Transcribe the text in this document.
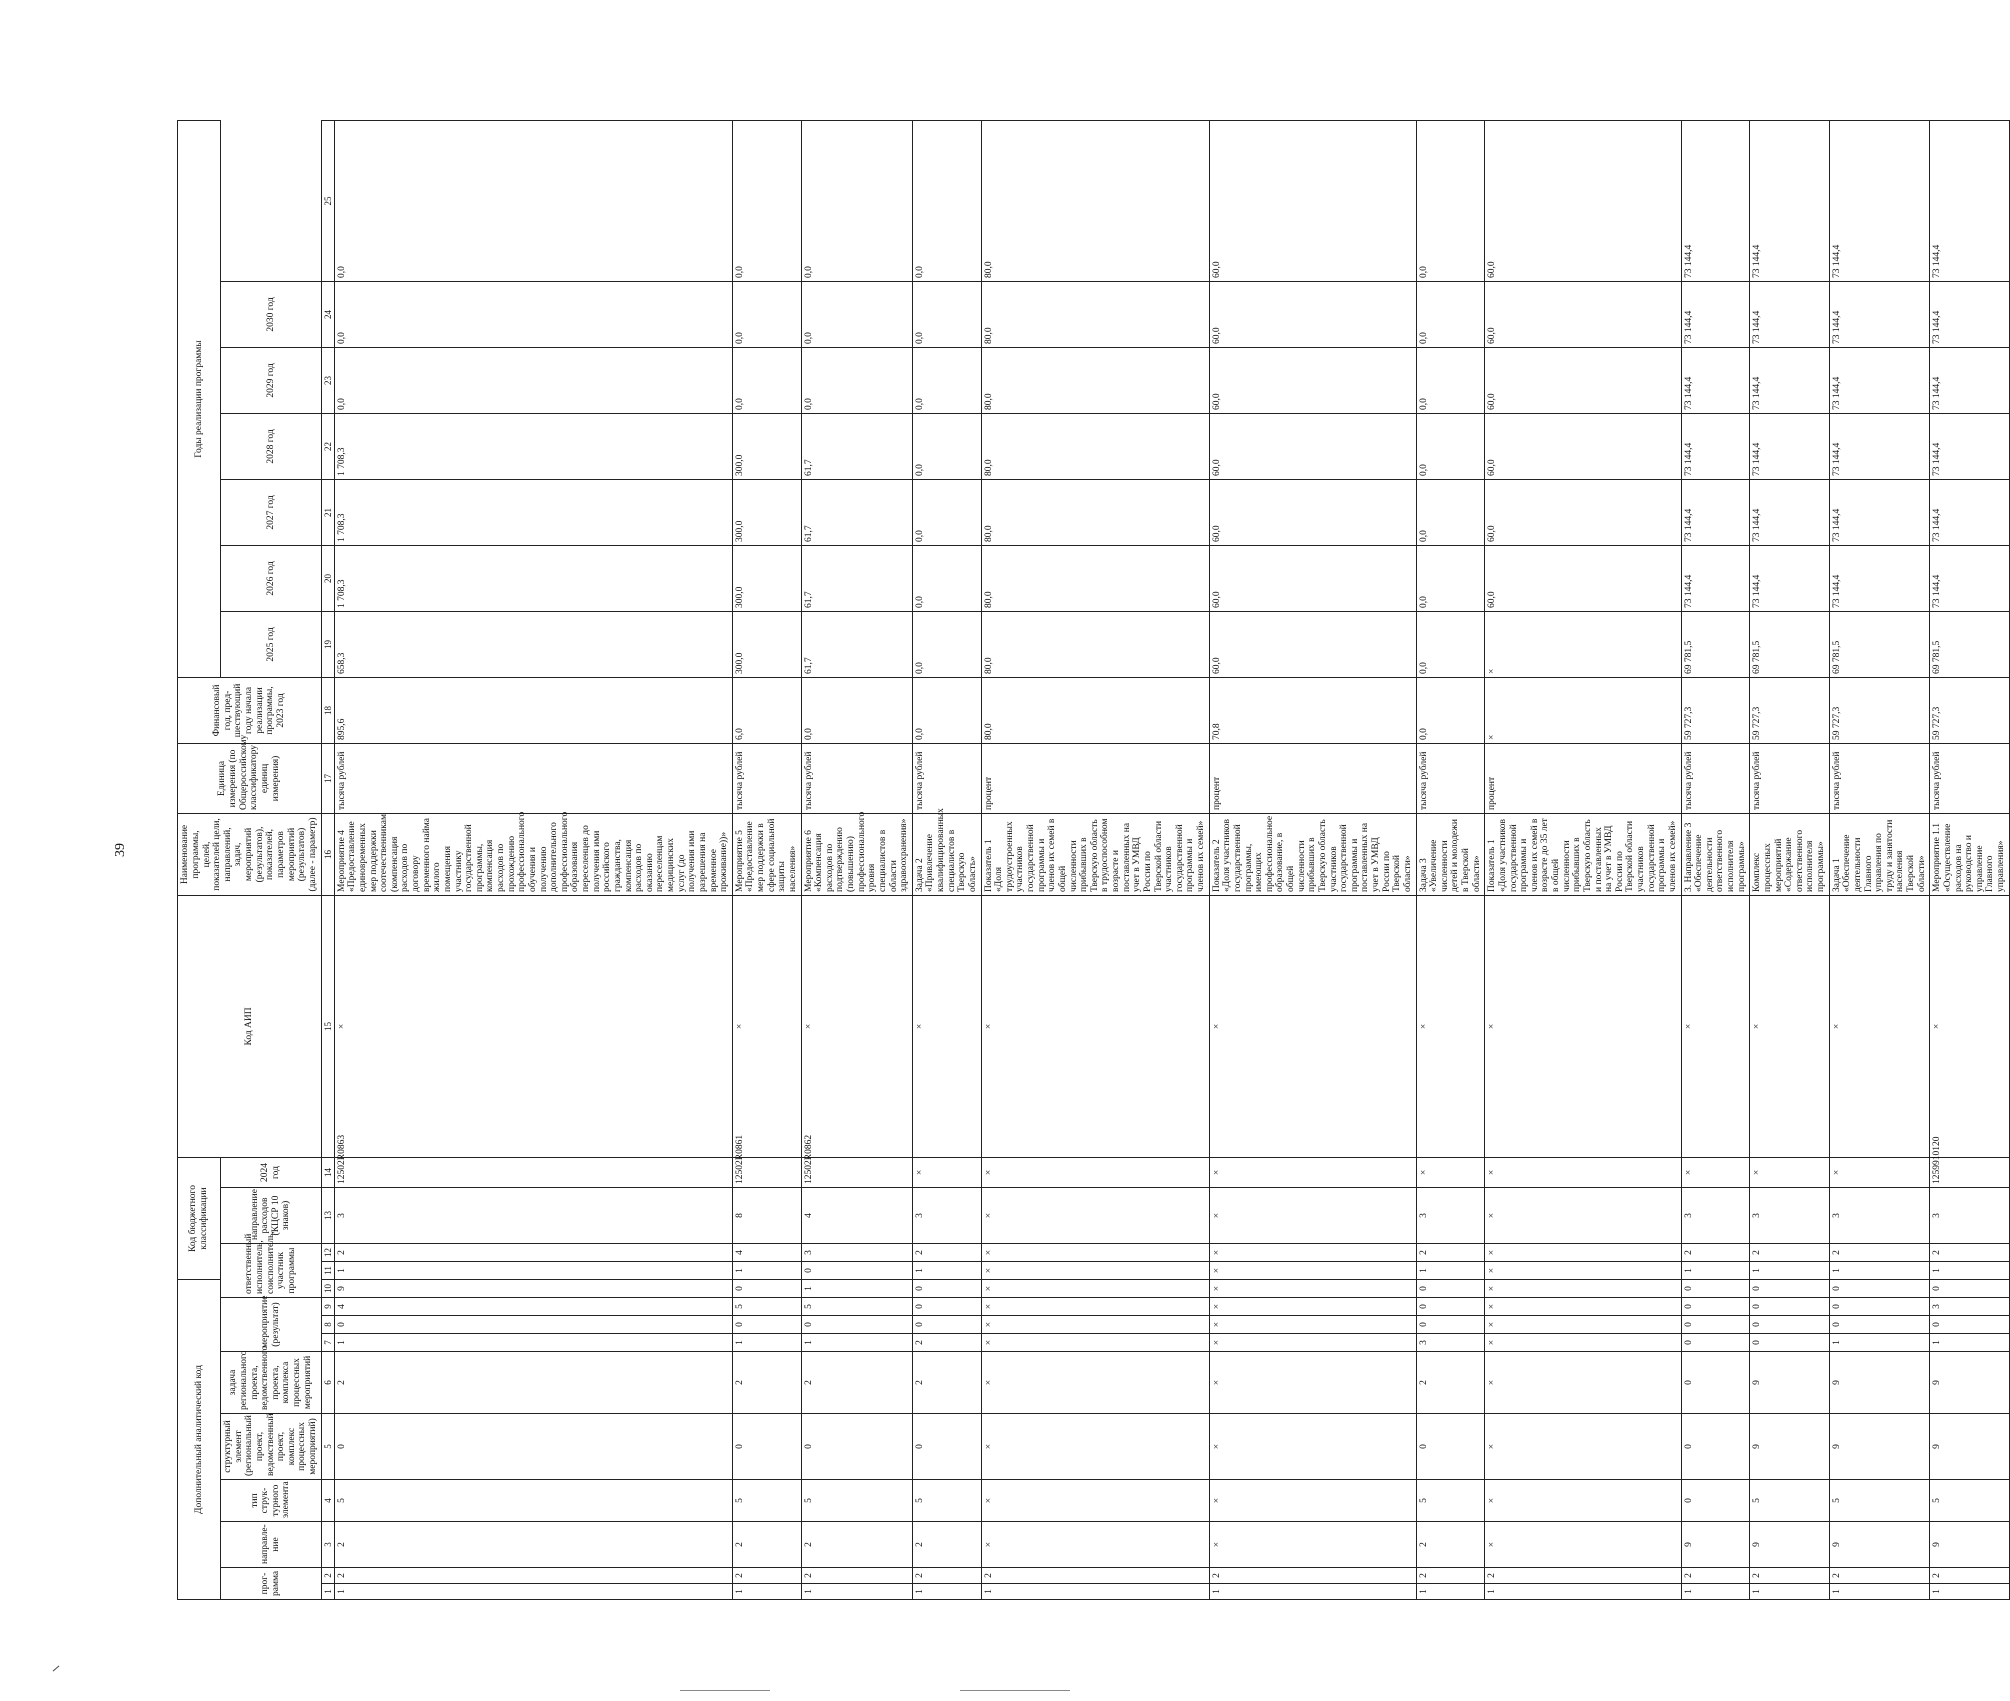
39
Дополнительный аналитический код										Код бюджетного классификации				Код АИП	Наименование программы, целей, показателей цели, направлений, задач, мероприятий (результатов), показателей, параметров мероприятий (результатов) (далее - параметр)	Единица измерения (по Общероссийскому классификатору единиц измерения)	Финансовый год, пред-шествующий году начала реализации программы, 2023 год	Годы реализации программы						
прог-рамма		направле-ние	тип струк-турного элемента	структурный элемент (региональный проект, ведомственный проект, комплекс процессных мероприятий)	задача регионального проекта, ведомственного проекта, комплекса процессных мероприятий	мероприятие (результат)			ответственный исполнитель, соисполнитель, участник программы			направление расходов (КЦСР 10 знаков)	2024 год					2025 год	2026 год	2027 год	2028 год	2029 год	2030 год	

1	2	3	4	5	6	7	8	9	10	11	12	13	14	15	16	17	18	19	20	21	22	23	24	25
1	2	2	5	0	2	1	0	4	9	1	2	3	12502R0863	×	Мероприятие 4 «Предоставление единовременных мер поддержки соотечественникам (компенсация расходов по договору временного найма жилого помещения участнику государственной программы, компенсация расходов по прохождению профессионального обучения и получению дополнительного профессионального образования переселенцев до получения ими российского гражданства, компенсация расходов по оказанию переселенцам медицинских услуг (до получения ими разрешения на временное проживание))»	тысяча рублей	895,6	658,3	1 708,3	1 708,3	1 708,3	0,0	0,0	0,0
1	2	2	5	0	2	1	0	5	0	1	4	8	12502R0861	×	Мероприятие 5 «Предоставление мер поддержки в сфере социальной защиты населения»	тысяча рублей	6,0	300,0	300,0	300,0	300,0	0,0	0,0	0,0
1	2	2	5	0	2	1	0	5	1	0	3	4	12502R0862	×	Мероприятие 6 «Компенсация расходов по подтверждению (повышению) профессионального уровня специалистов в области здравоохранения»	тысяча рублей	0,0	61,7	61,7	61,7	61,7	0,0	0,0	0,0
1	2	2	5	0	2	2	0	0	0	1	2	3	×	×	Задача 2 «Привлечение квалифицированных специалистов в Тверскую область»	тысяча рублей	0,0	0,0	0,0	0,0	0,0	0,0	0,0	0,0
1	2	×	×	×	×	×	×	×	×	×	×	×	×	×	Показатель 1 «Доля трудоустроенных участников государственной программы и членов их семей в общей численности прибывших в Тверскую область в трудоспособном возрасте и поставленных на учет в УМВД России по Тверской области участников государственной программы и членов их семей»	процент	80,0	80,0	80,0	80,0	80,0	80,0	80,0	80,0
1	2	×	×	×	×	×	×	×	×	×	×	×	×	×	Показатель 2 «Доля участников государственной программы, имеющих профессиональное образование, в общей численности прибывших в Тверскую область участников государственной программы и поставленных на учет в УМВД России по Тверской области»	процент	70,8	60,0	60,0	60,0	60,0	60,0	60,0	60,0
1	2	2	5	0	2	3	0	0	0	1	2	3	×	×	Задача 3 «Увеличение численности детей и молодежи в Тверской области»	тысяча рублей	0,0	0,0	0,0	0,0	0,0	0,0	0,0	0,0
1	2	×	×	×	×	×	×	×	×	×	×	×	×	×	Показатель 1 «Доля участников государственной программы и членов их семей в возрасте до 35 лет в общей численности прибывших в Тверскую область и поставленных на учет в УМВД России по Тверской области участников государственной программы и членов их семей»	процент	×	×	60,0	60,0	60,0	60,0	60,0	60,0
1	2	9	0	0	0	0	0	0	0	1	2	3	×	×	3. Направление 3 «Обеспечение деятельности ответственного исполнителя программы»	тысяча рублей	59 727,3	69 781,5	73 144,4	73 144,4	73 144,4	73 144,4	73 144,4	73 144,4
1	2	9	5	9	9	0	0	0	0	1	2	3	×	×	Комплекс процессных мероприятий «Содержание ответственного исполнителя программы»	тысяча рублей	59 727,3	69 781,5	73 144,4	73 144,4	73 144,4	73 144,4	73 144,4	73 144,4
1	2	9	5	9	9	1	0	0	0	1	2	3	×	×	Задача 1 «Обеспечение деятельности Главного управления по труду и занятости населения Тверской области»	тысяча рублей	59 727,3	69 781,5	73 144,4	73 144,4	73 144,4	73 144,4	73 144,4	73 144,4
1	2	9	5	9	9	1	0	3	0	1	2	3	1259910120	×	Мероприятие 1.1 «Осуществление расходов на руководство и управление Главного управления»	тысяча рублей	59 727,3	69 781,5	73 144,4	73 144,4	73 144,4	73 144,4	73 144,4	73 144,4
